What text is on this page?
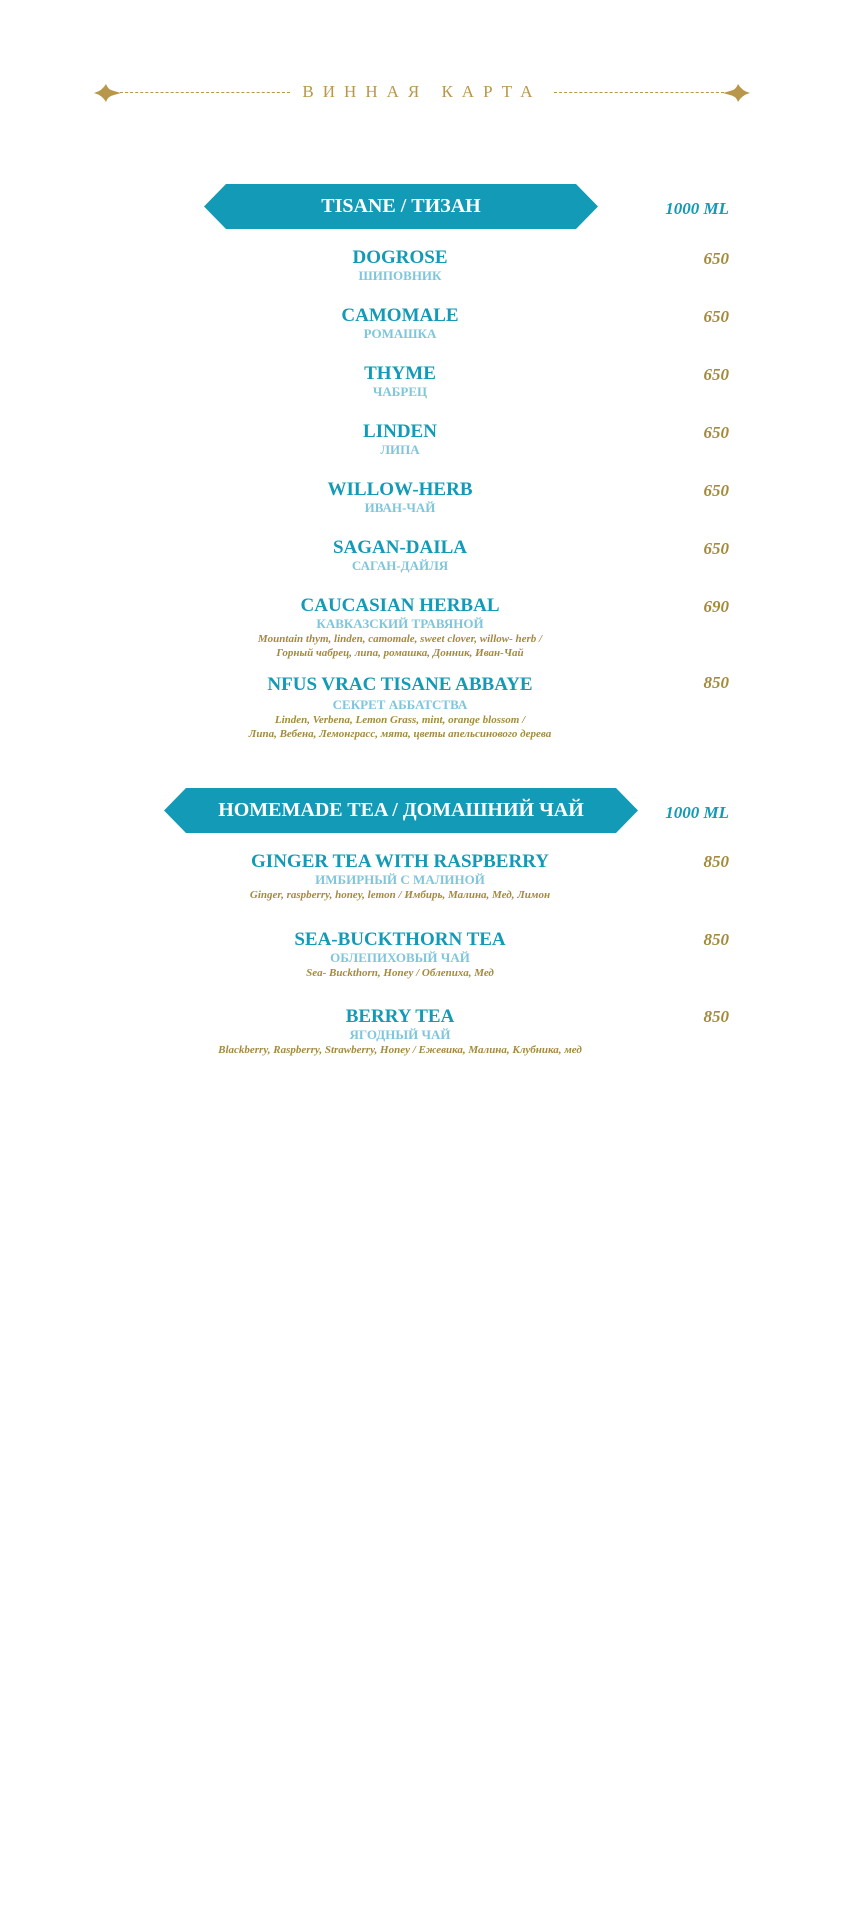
ВИННАЯ КАРТА
TISANE / ТИЗАН	1000 ML
DOGROSE
ШИПОВНИК
650
CAMOMALE
РОМАШКА
650
THYME
ЧАБРЕЦ
650
LINDEN
ЛИПА
650
WILLOW-HERB
ИВАН-ЧАЙ
650
SAGAN-DAILA
САГАН-ДАЙЛЯ
650
CAUCASIAN HERBAL
КАВКАЗСКИЙ ТРАВЯНОЙ
Mountain thym, linden, camomale, sweet clover, willow- herb /
Горный чабрец, липа, ромашка, Донник, Иван-Чай
690
NFUS VRAC TISANE ABBAYE
СЕКРЕТ АББАТСТВА
Linden, Verbena, Lemon Grass, mint, orange blossom /
Липа, Вебена, Лемонграсс, мята, цветы апельсинового дерева
850
HOMEMADE TEA / ДОМАШНИЙ ЧАЙ	1000 ML
GINGER TEA WITH RASPBERRY
ИМБИРНЫЙ С МАЛИНОЙ
Ginger, raspberry, honey, lemon / Имбирь, Малина, Мед, Лимон
850
SEA-BUCKTHORN TEA
ОБЛЕПИХОВЫЙ ЧАЙ
Sea- Buckthorn, Honey / Облепиха, Мед
850
BERRY TEA
ЯГОДНЫЙ ЧАЙ
Blackberry, Raspberry, Strawberry, Honey / Ежевика, Малина, Клубника, мед
850
